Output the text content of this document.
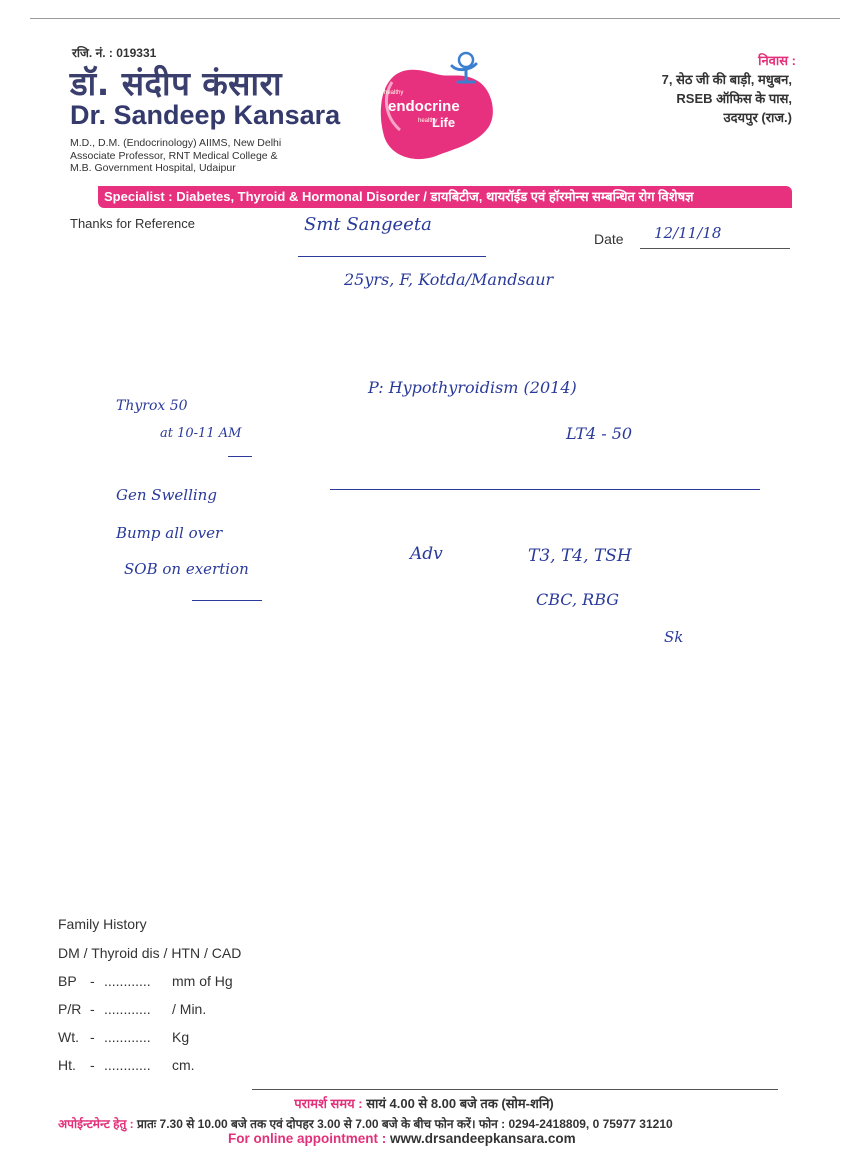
रजि. नं. : 019331
डॉ. संदीप कंसारा
Dr. Sandeep Kansara
M.D., D.M. (Endocrinology) AIIMS, New Delhi
Associate Professor, RNT Medical College &
M.B. Government Hospital, Udaipur
healthy
endocrine
healthy
Life
निवास :
7, सेठ जी की बाड़ी, मधुबन,
RSEB ऑफिस के पास,
उदयपुर (राज.)
Specialist : Diabetes, Thyroid & Hormonal Disorder / डायबिटीज, थायरॉईड एवं हॉरमोन्स सम्बन्धित रोग विशेषज्ञ
Thanks for Reference
Date
Smt Sangeeta	12/11/18
25yrs, F, Kotda/Mandsaur
Thyrox 50
at 10-11 AM
P: Hypothyroidism (2014)
LT4 - 50
Gen Swelling
Bump all over
SOB on exertion
Adv	T3, T4, TSH
CBC, RBG
Sk
Family History
DM / Thyroid dis / HTN / CAD
BP - ............ mm of Hg
P/R - ............ / Min.
Wt. - ............ Kg
Ht. - ............ cm.
परामर्श समय : सायं 4.00 से 8.00 बजे तक (सोम-शनि)
अपोईन्टमेन्ट हेतु : प्रातः 7.30 से 10.00 बजे तक एवं दोपहर 3.00 से 7.00 बजे के बीच फोन करें। फोन : 0294-2418809, 0 75977 31210
For online appointment : www.drsandeepkansara.com
